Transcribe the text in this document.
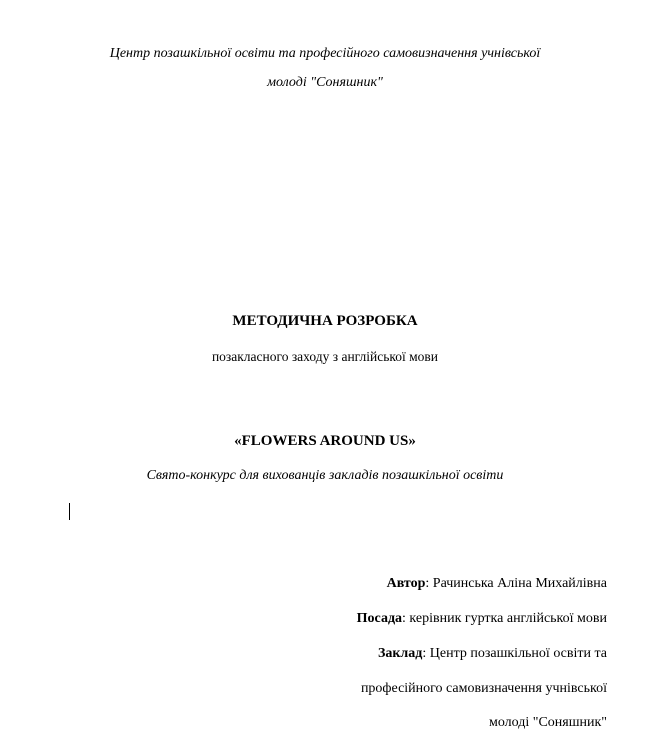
Центр позашкільної освіти та професійного самовизначення учнівської
молоді "Соняшник"
МЕТОДИЧНА РОЗРОБКА
позакласного заходу з англійської мови
«FLOWERS AROUND US»
Свято-конкурс для вихованців закладів позашкільної освіти
Автор: Рачинська Аліна Михайлівна
Посада: керівник гуртка англійської мови
Заклад: Центр позашкільної освіти та
професійного самовизначення учнівської
молоді "Соняшник"
